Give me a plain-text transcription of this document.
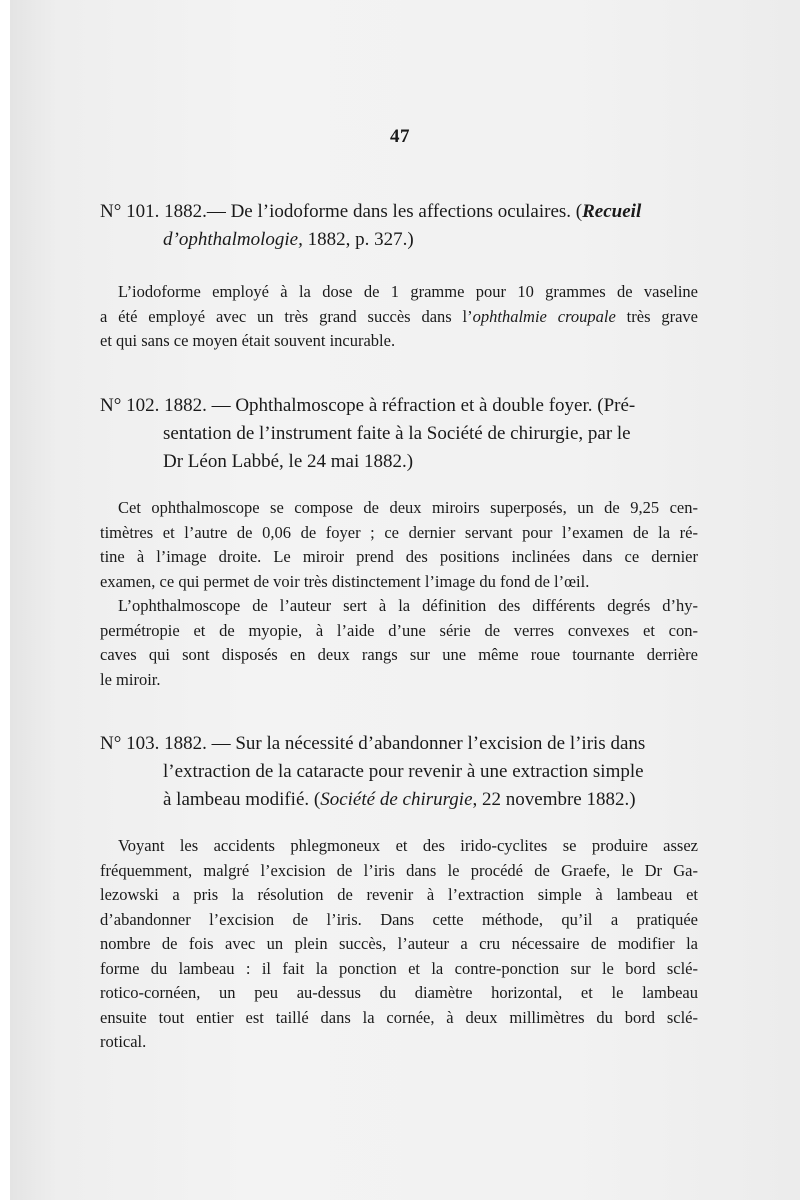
47
N° 101. 1882.— De l’iodoforme dans les affections oculaires. (Recueil
d’ophthalmologie, 1882, p. 327.)
L’iodoforme employé à la dose de 1 gramme pour 10 grammes de vaseline
a été employé avec un très grand succès dans l’ophthalmie croupale très grave
et qui sans ce moyen était souvent incurable.
N° 102. 1882. — Ophthalmoscope à réfraction et à double foyer. (Pré-
sentation de l’instrument faite à la Société de chirurgie, par le
Dr Léon Labbé, le 24 mai 1882.)
Cet ophthalmoscope se compose de deux miroirs superposés, un de 9,25 cen-
timètres et l’autre de 0,06 de foyer ; ce dernier servant pour l’examen de la ré-
tine à l’image droite. Le miroir prend des positions inclinées dans ce dernier
examen, ce qui permet de voir très distinctement l’image du fond de l’œil.
L’ophthalmoscope de l’auteur sert à la définition des différents degrés d’hy-
permétropie et de myopie, à l’aide d’une série de verres convexes et con-
caves qui sont disposés en deux rangs sur une même roue tournante derrière
le miroir.
N° 103. 1882. — Sur la nécessité d’abandonner l’excision de l’iris dans
l’extraction de la cataracte pour revenir à une extraction simple
à lambeau modifié. (Société de chirurgie, 22 novembre 1882.)
Voyant les accidents phlegmoneux et des irido-cyclites se produire assez
fréquemment, malgré l’excision de l’iris dans le procédé de Graefe, le Dr Ga-
lezowski a pris la résolution de revenir à l’extraction simple à lambeau et
d’abandonner l’excision de l’iris. Dans cette méthode, qu’il a pratiquée
nombre de fois avec un plein succès, l’auteur a cru nécessaire de modifier la
forme du lambeau : il fait la ponction et la contre-ponction sur le bord sclé-
rotico-cornéen, un peu au-dessus du diamètre horizontal, et le lambeau
ensuite tout entier est taillé dans la cornée, à deux millimètres du bord sclé-
rotical.
